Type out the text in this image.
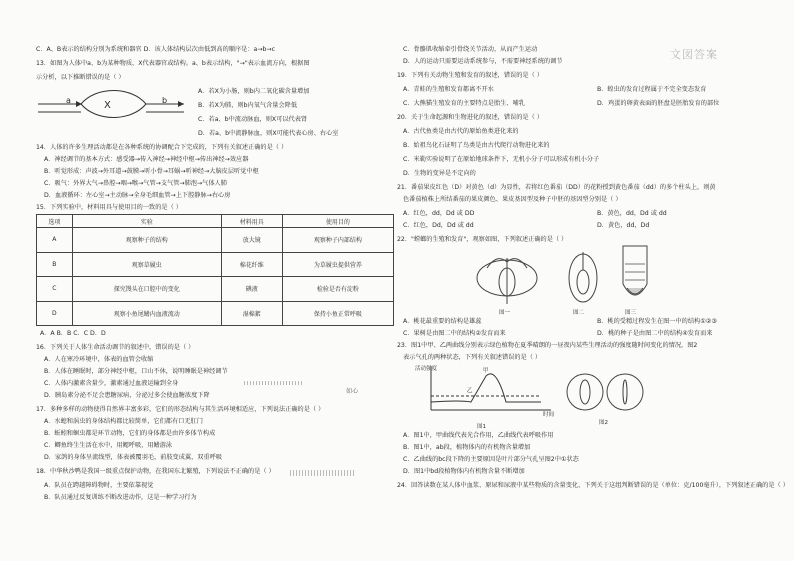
文図答案
C．A、B表示的结构分别为系统和器官 D．该人体结构层次由低到高的顺序是：a→b→c
13．如图为人体中a、b为某种物质，X代表器官或结构。a、b表示结构，"→"表示血流方向，根据图
示分析，以下推断错误的是（ ）
a	X	b
A．若X为小肠，则b内二氧化碳含量增加
B．若X为肺，则b内氧气含量会降低
C．若a、b中流动脉血，则X可以代表肾
D．若a、b中流静脉血，则X可能代表心房、右心室
14．人体的许多生理活动都是在各种系统的协调配合下完成的，下列有关叙述正确的是（ ）
A．神经调节的基本方式：感受器→传入神经→神经中枢→传出神经→效应器
B．听觉形成：声波→外耳道→鼓膜→听小骨→耳蜗→听神经→大脑皮层听觉中枢
C．吸气：外界大气→鼻腔→咽→喉→气管→支气管→肺泡→气体人肺
D．血液循环：左心室→主动脉→全身毛细血管→上下腔静脉→右心房
15．下列实验中，材料用具与使用目的一致的是（ ）
选项	实验	材料用具	使用目的
A	观察种子的结构	放大镜	观察种子内部结构
B	观察草履虫	棉花纤维	为草履虫提供营养
C	探究馒头在口腔中的变化	碘液	检验是否有淀粉
D	观察小鱼尾鳍内血液流动	湿棉絮	保持小鱼正常呼吸
A．A B．B C．C D．D
16．下列关于人体生命活动调节的叙述中，错误的是（ ）
A．人在寒冷环境中，体表的血管会收缩
B．人体在睡眠时，部分神经中枢，口山不休，说明睡眠是神经调节
C．人体内激素含量少，激素通过血液运输到全身
D．胰岛素分泌不足会患糖尿病，分泌过多会使血糖浓度下降
如心
17．多种多样的动物使得自然界丰富多彩，它们的形态结构与其生活环境相适应，下列说法正确的是（ ）
A．水螅和涡虫的身体结构都比较简单，它们都有口无肛门
B．蚯蚓和蛔虫都是环节动物，它们的身体都是由许多体节构成
C．鲫鱼终生生活在水中，用鳃呼吸，用鳍游泳
D．家鸽的身体呈流线型，体表被覆羽毛，前肢变成翼，双重呼吸
18．中华秋沙鸭是我国一级重点保护动物，在我国东北繁殖，下列说法不正确的是（ ）
A．队员在跨越障碍物时，主要依靠视觉
B．队员通过反复训练不断改进动作，这是一种学习行为
C．骨骼肌收缩牵引骨绕关节活动，从而产生运动
D．人的运动只需要运动系统参与，不需要神经系统的调节
19．下列有关动物生殖和发育的叙述，错误的是（ ）
A．青蛙的生殖和发育都离不开水	B．蝗虫的发育过程属于不完全变态发育
C．大熊猫生殖发育的主要特点是胎生、哺乳	D．鸡蛋的卵黄表面的胚盘是胚胎发育的部位
20．关于生命起源和生物进化的叙述，错误的是（ ）
A．古代鱼类是由古代的原始鱼类进化来的
B．始祖鸟化石证明了鸟类是由古代爬行动物进化来的
C．米勒实验说明了在原始地球条件下，无机小分子可以形成有机小分子
D．生物的变异是不定向的
21．番茄果皮红色（D）对黄色（d）为显性，若将红色番茄（DD）的花粉授到黄色番茄（dd）的多个柱头上，则黄
色番茄植株上所结番茄的果皮颜色、果皮基因型及种子中胚的基因型分别是（ ）
A．红色，dd，Dd 或 DD	B．黄色，dd，Dd 或 dd
C．红色，Dd，Dd 或 dd	D．黄色，dd，Dd
22．"螳螂的生殖和发育"，观察如图，下列叙述正确的是（ ）
图一	图二	图三
A．桃花最重要的结构是雄蕊	B．桃的受精过程发生在图一中的结构①②③
C．果树是由图二中的结构②发育而来	D．桃的种子是由图二中的结构④发育而来
23．图1中甲、乙两曲线分别表示绿色植物在夏季晴朗的一昼夜内某些生理活动的强度随时间变化的情况，图2
表示气孔的两种状态，下列有关叙述错误的是（ ）
活动强度	甲
乙
时间
图1
图2
A．图1中，甲曲线代表光合作用，乙曲线代表呼吸作用
B．图1中，ab段，植物体内的有机物含量增加
C．乙曲线的bc段下降的主要原因是叶片部分气孔呈图2中①状态
D．图1中bd段植物体内有机物含量不断增加
24．回答读数在某人体中血浆、原尿和尿液中某些物质的含量变化，下列关于这组判断错误的是（单位：克/100毫升），下列叙述正确的是（ ）
